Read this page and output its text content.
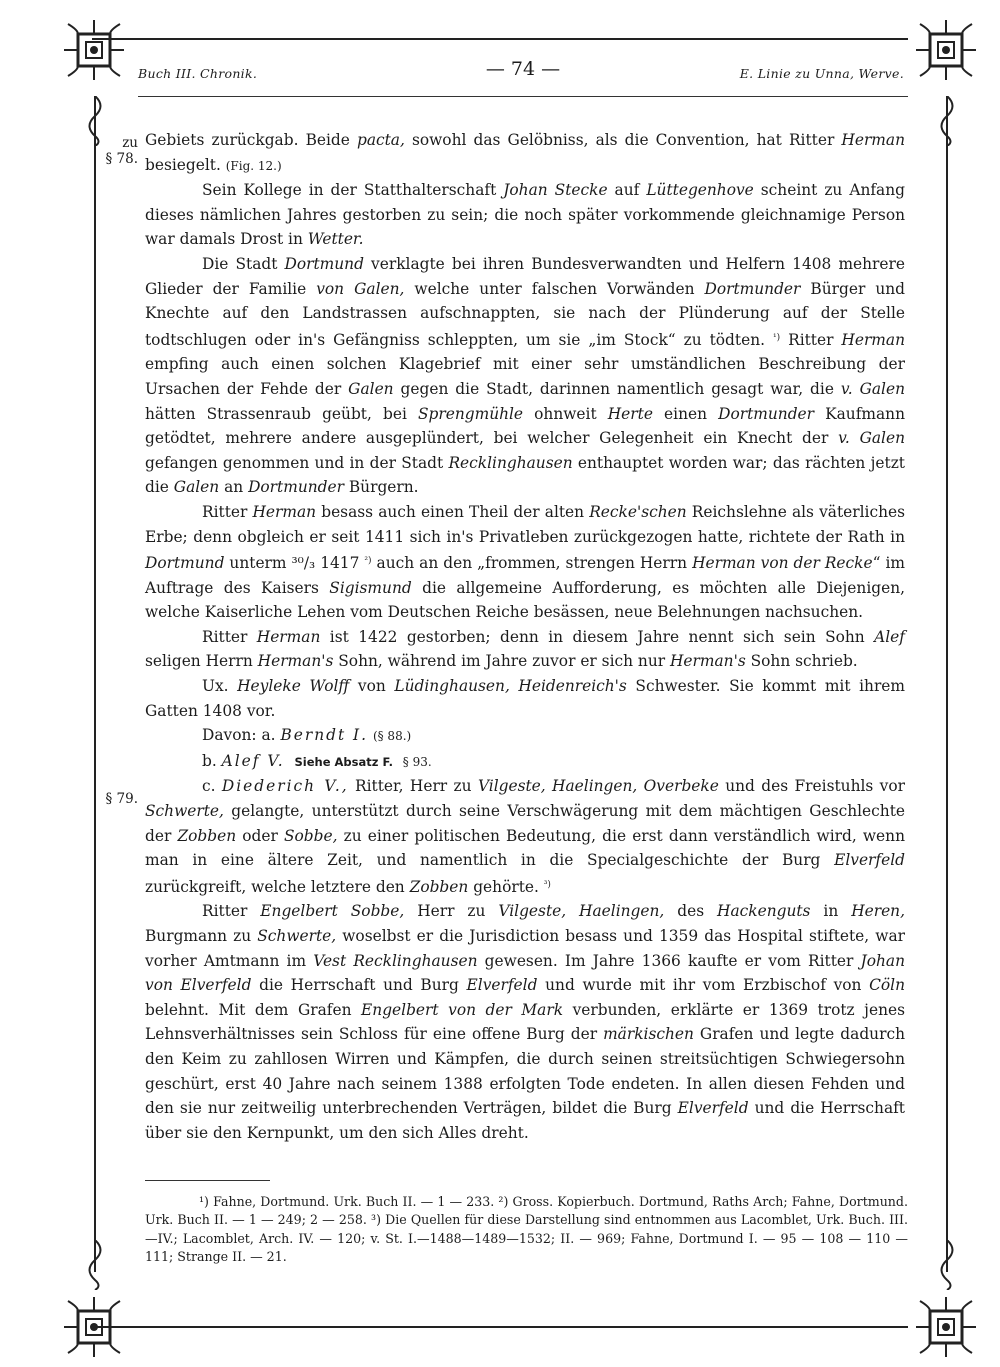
Buch III. Chronik.	— 74 —	E. Linie zu Unna, Werve.
zu
§ 78.
§ 79.

Gebiets zurückgab. Beide pacta, sowohl das Gelöbniss, als die Convention, hat Ritter Herman besiegelt. (Fig. 12.)

Sein Kollege in der Statthalterschaft Johan Stecke auf Lüttegenhove scheint zu Anfang dieses nämlichen Jahres gestorben zu sein; die noch später vorkommende gleichnamige Person war damals Drost in Wetter.

Die Stadt Dortmund verklagte bei ihren Bundesverwandten und Helfern 1408 mehrere Glieder der Familie von Galen, welche unter falschen Vorwänden Dortmunder Bürger und Knechte auf den Landstrassen aufschnappten, sie nach der Plünderung auf der Stelle todtschlugen oder in's Gefängniss schleppten, um sie „im Stock“ zu tödten. $^{^1)}$ Ritter Herman empfing auch einen solchen Klagebrief mit einer sehr umständlichen Beschreibung der Ursachen der Fehde der Galen gegen die Stadt, darinnen namentlich gesagt war, die v. Galen hätten Strassenraub geübt, bei Sprengmühle ohnweit Herte einen Dortmunder Kaufmann getödtet, mehrere andere ausgeplündert, bei welcher Gelegenheit ein Knecht der v. Galen gefangen genommen und in der Stadt Recklinghausen enthauptet worden war; das rächten jetzt die Galen an Dortmunder Bürgern.

Ritter Herman besass auch einen Theil der alten Recke'schen Reichslehne als väterliches Erbe; denn obgleich er seit 1411 sich in's Privatleben zurückgezogen hatte, richtete der Rath in Dortmund unterm ³⁰/₃ 1417 $^{^2)}$ auch an den „frommen, strengen Herrn Herman von der Recke“ im Auftrage des Kaisers Sigismund die allgemeine Aufforderung, es möchten alle Diejenigen, welche Kaiserliche Lehen vom Deutschen Reiche besässen, neue Belehnungen nachsuchen.

Ritter Herman ist 1422 gestorben; denn in diesem Jahre nennt sich sein Sohn Alef seligen Herrn Herman's Sohn, während im Jahre zuvor er sich nur Herman's Sohn schrieb.

Ux. Heyleke Wolff von Lüdinghausen, Heidenreich's Schwester. Sie kommt mit ihrem Gatten 1408 vor.

Davon: a. Berndt I. (§ 88.)

b. Alef V. Siehe Absatz F. § 93.

c. Diederich V., Ritter, Herr zu Vilgeste, Haelingen, Overbeke und des Freistuhls vor Schwerte, gelangte, unterstützt durch seine Verschwägerung mit dem mächtigen Geschlechte der Zobben oder Sobbe, zu einer politischen Bedeutung, die erst dann verständlich wird, wenn man in eine ältere Zeit, und namentlich in die Specialgeschichte der Burg Elverfeld zurückgreift, welche letztere den Zobben gehörte. $^{^3)}$

Ritter Engelbert Sobbe, Herr zu Vilgeste, Haelingen, des Hackenguts in Heren, Burgmann zu Schwerte, woselbst er die Jurisdiction besass und 1359 das Hospital stiftete, war vorher Amtmann im Vest Recklinghausen gewesen. Im Jahre 1366 kaufte er vom Ritter Johan von Elverfeld die Herrschaft und Burg Elverfeld und wurde mit ihr vom Erzbischof von Cöln belehnt. Mit dem Grafen Engelbert von der Mark verbunden, erklärte er 1369 trotz jenes Lehnsverhältnisses sein Schloss für eine offene Burg der märkischen Grafen und legte dadurch den Keim zu zahllosen Wirren und Kämpfen, die durch seinen streitsüchtigen Schwiegersohn geschürt, erst 40 Jahre nach seinem 1388 erfolgten Tode endeten. In allen diesen Fehden und den sie nur zeitweilig unterbrechenden Verträgen, bildet die Burg Elverfeld und die Herrschaft über sie den Kernpunkt, um den sich Alles dreht.

¹) Fahne, Dortmund. Urk. Buch II. — 1 — 233. ²) Gross. Kopierbuch. Dortmund, Raths Arch; Fahne, Dortmund. Urk. Buch II. — 1 — 249; 2 — 258. ³) Die Quellen für diese Darstellung sind entnommen aus Lacomblet, Urk. Buch. III.—IV.; Lacomblet, Arch. IV. — 120; v. St. I.—1488—1489—1532; II. — 969; Fahne, Dortmund I. — 95 — 108 — 110 — 111; Strange II. — 21.
